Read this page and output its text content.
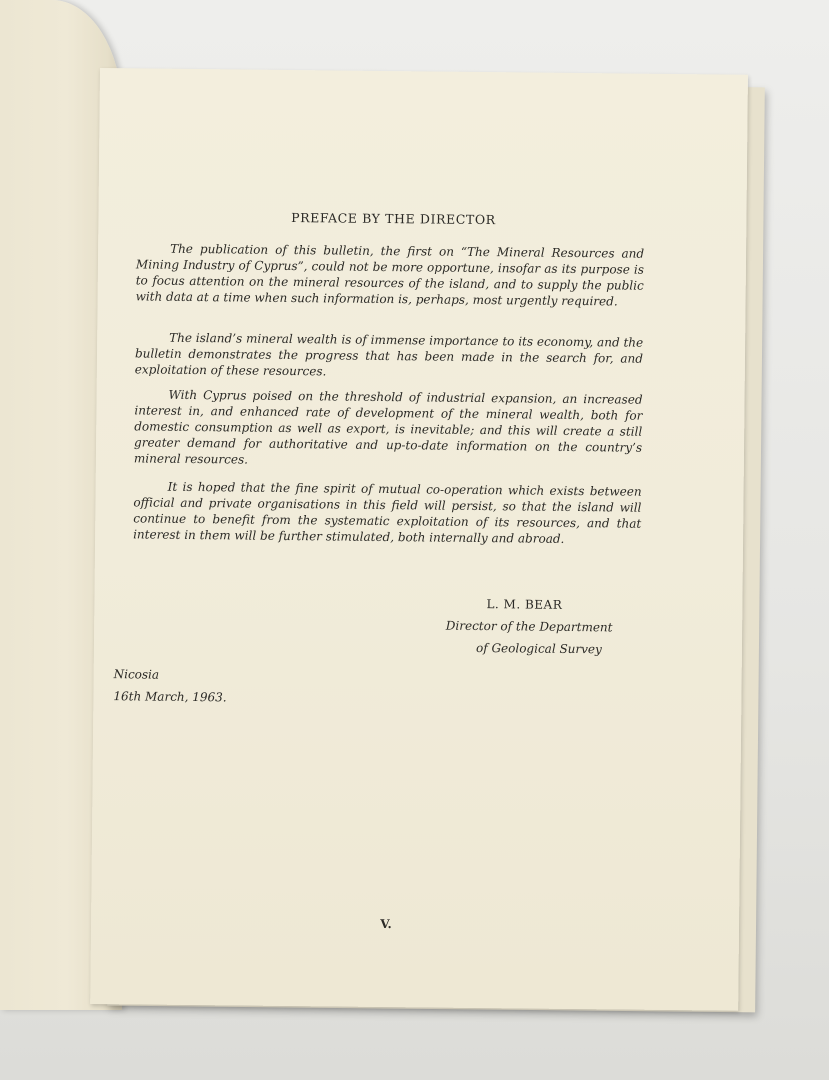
PREFACE BY THE DIRECTOR

The publication of this bulletin, the first on “The Mineral Resources and Mining Industry of Cyprus”, could not be more opportune, insofar as its purpose is to focus attention on the mineral resources of the island, and to supply the public with data at a time when such information is, perhaps, most urgently required.

The island’s mineral wealth is of immense importance to its economy, and the bulletin demonstrates the progress that has been made in the search for, and exploitation of these resources.

With Cyprus poised on the threshold of industrial expansion, an increased interest in, and enhanced rate of development of the mineral wealth, both for domestic consumption as well as export, is inevitable; and this will create a still greater demand for authoritative and up-to-date information on the country’s mineral resources.

It is hoped that the fine spirit of mutual co-operation which exists between official and private organisations in this field will persist, so that the island will continue to benefit from the systematic exploitation of its resources, and that interest in them will be further stimulated, both internally and abroad.

L. M. BEAR

Director of the Department

of Geological Survey

Nicosia

16th March, 1963.

V.
